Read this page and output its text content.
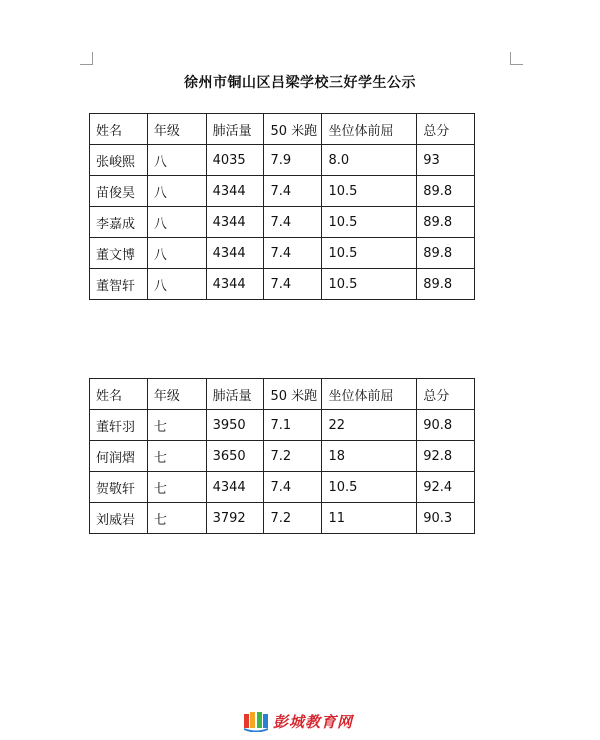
徐州市铜山区吕梁学校三好学生公示
姓名	年级	肺活量	50 米跑	坐位体前屈	总分
张峻熙	八	4035	7.9	8.0	93
苗俊昊	八	4344	7.4	10.5	89.8
李嘉成	八	4344	7.4	10.5	89.8
董文博	八	4344	7.4	10.5	89.8
董智轩	八	4344	7.4	10.5	89.8
姓名	年级	肺活量	50 米跑	坐位体前屈	总分
董轩羽	七	3950	7.1	22	90.8
何润熠	七	3650	7.2	18	92.8
贺敬轩	七	4344	7.4	10.5	92.4
刘威岩	七	3792	7.2	11	90.3
彭城教育网
